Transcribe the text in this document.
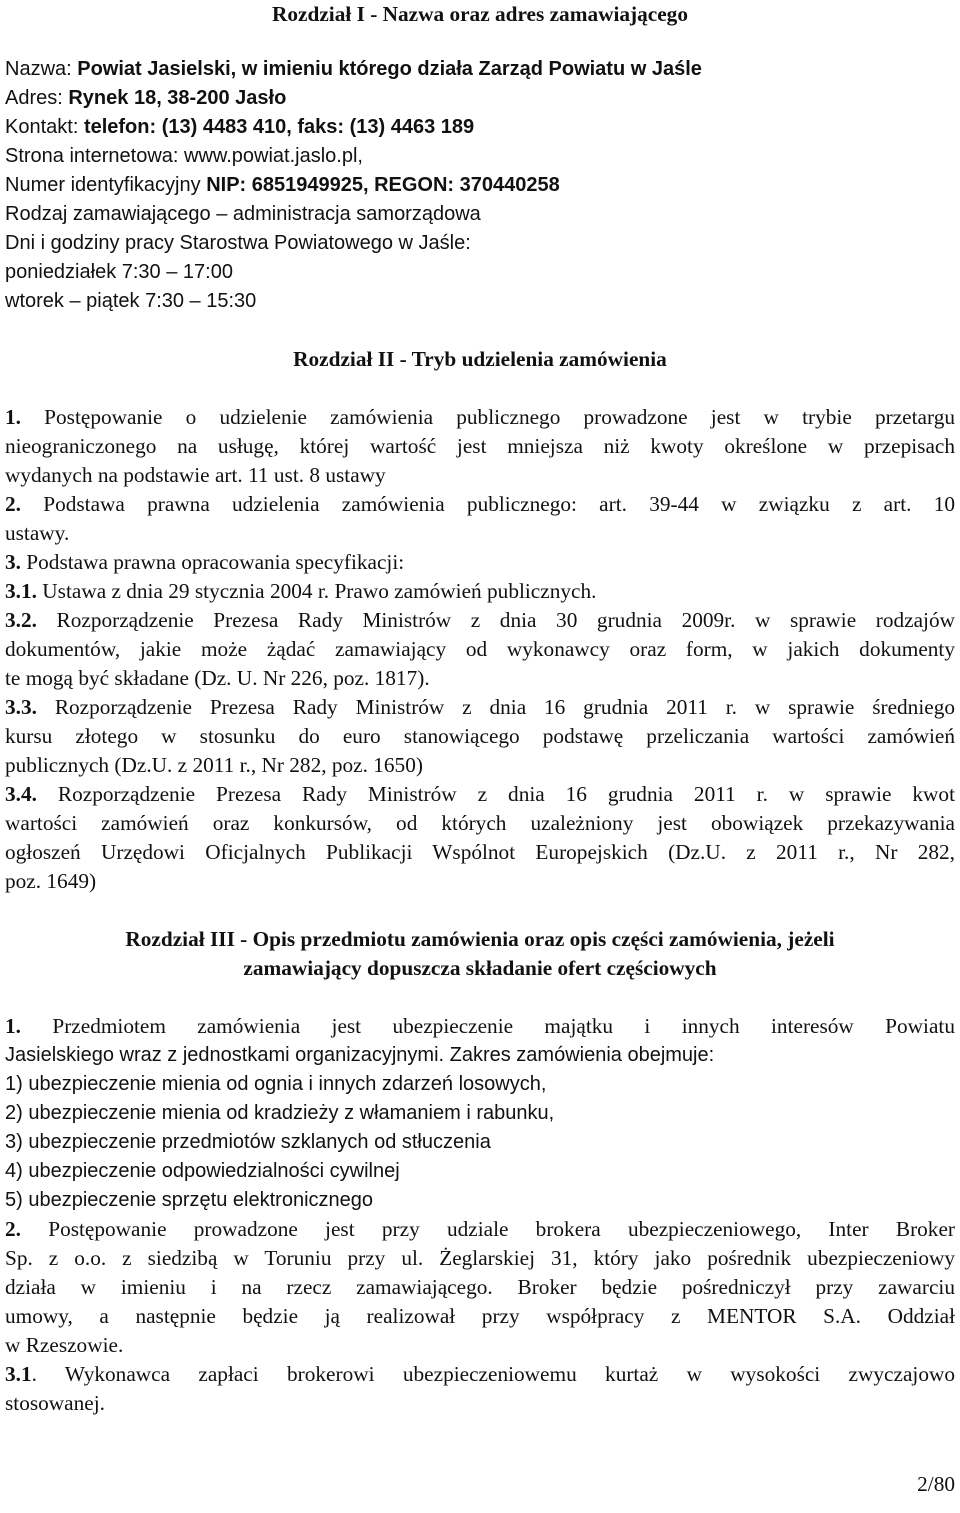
Rozdział I - Nazwa oraz adres zamawiającego
Nazwa: Powiat Jasielski, w imieniu którego działa Zarząd Powiatu w Jaśle
Adres: Rynek 18, 38-200 Jasło
Kontakt: telefon: (13) 4483 410, faks: (13) 4463 189
Strona internetowa: www.powiat.jaslo.pl,
Numer identyfikacyjny NIP: 6851949925, REGON: 370440258
Rodzaj zamawiającego – administracja samorządowa
Dni i godziny pracy Starostwa Powiatowego w Jaśle:
poniedziałek 7:30 – 17:00
wtorek – piątek 7:30 – 15:30
Rozdział II - Tryb udzielenia zamówienia
1. Postępowanie o udzielenie zamówienia publicznego prowadzone jest w trybie przetargu
nieograniczonego na usługę, której wartość jest mniejsza niż kwoty określone w przepisach
wydanych na podstawie art. 11 ust. 8 ustawy
2. Podstawa prawna udzielenia zamówienia publicznego: art. 39-44 w związku z art. 10
ustawy.
3. Podstawa prawna opracowania specyfikacji:
3.1. Ustawa z dnia 29 stycznia 2004 r. Prawo zamówień publicznych.
3.2. Rozporządzenie Prezesa Rady Ministrów z dnia 30 grudnia 2009r. w sprawie rodzajów
dokumentów, jakie może żądać zamawiający od wykonawcy oraz form, w jakich dokumenty
te mogą być składane (Dz. U. Nr 226, poz. 1817).
3.3. Rozporządzenie Prezesa Rady Ministrów z dnia 16 grudnia 2011 r. w sprawie średniego
kursu złotego w stosunku do euro stanowiącego podstawę przeliczania wartości zamówień
publicznych (Dz.U. z 2011 r., Nr 282, poz. 1650)
3.4. Rozporządzenie Prezesa Rady Ministrów z dnia 16 grudnia 2011 r. w sprawie kwot
wartości zamówień oraz konkursów, od których uzależniony jest obowiązek przekazywania
ogłoszeń Urzędowi Oficjalnych Publikacji Wspólnot Europejskich (Dz.U. z 2011 r., Nr 282,
poz. 1649)
Rozdział III - Opis przedmiotu zamówienia oraz opis części zamówienia, jeżeli
zamawiający dopuszcza składanie ofert częściowych
1. Przedmiotem zamówienia jest ubezpieczenie majątku i innych interesów Powiatu
Jasielskiego wraz z jednostkami organizacyjnymi. Zakres zamówienia obejmuje:
1) ubezpieczenie mienia od ognia i innych zdarzeń losowych,
2) ubezpieczenie mienia od kradzieży z włamaniem i rabunku,
3) ubezpieczenie przedmiotów szklanych od stłuczenia
4) ubezpieczenie odpowiedzialności cywilnej
5) ubezpieczenie sprzętu elektronicznego
2. Postępowanie prowadzone jest przy udziale brokera ubezpieczeniowego, Inter Broker
Sp. z o.o. z siedzibą w Toruniu przy ul. Żeglarskiej 31, który jako pośrednik ubezpieczeniowy
działa w imieniu i na rzecz zamawiającego. Broker będzie pośredniczył przy zawarciu
umowy, a następnie będzie ją realizował przy współpracy z MENTOR S.A. Oddział
w Rzeszowie.
3.1. Wykonawca zapłaci brokerowi ubezpieczeniowemu kurtaż w wysokości zwyczajowo
stosowanej.
2/80
